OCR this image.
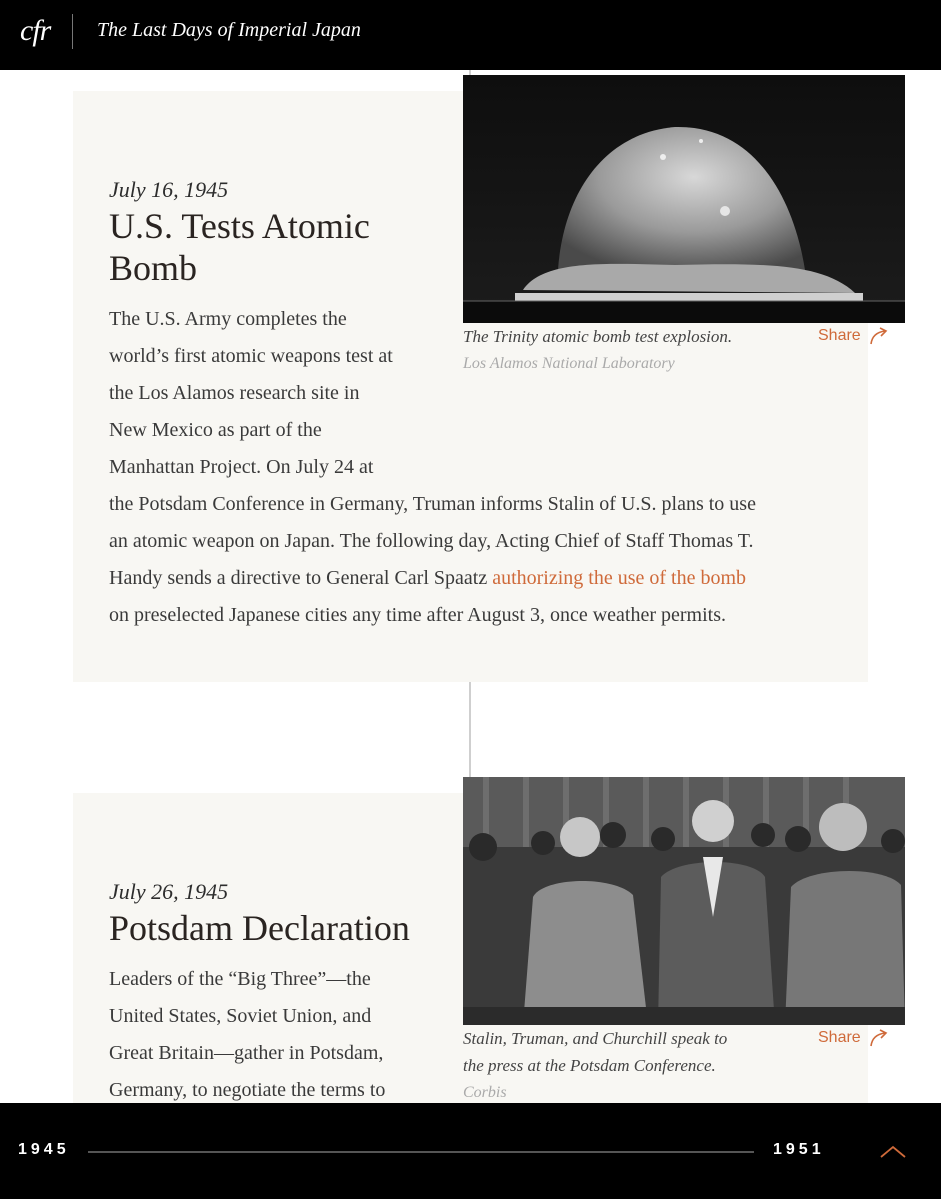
cfr The Last Days of Imperial Japan
July 16, 1945
U.S. Tests Atomic
Bomb
The U.S. Army completes the
world’s first atomic weapons test at
the Los Alamos research site in
New Mexico as part of the
Manhattan Project. On July 24 at
the Potsdam Conference in Germany, Truman informs Stalin of U.S. plans to use
an atomic weapon on Japan. The following day, Acting Chief of Staff Thomas T.
Handy sends a directive to General Carl Spaatz authorizing the use of the bomb
on preselected Japanese cities any time after August 3, once weather permits.
The Trinity atomic bomb test explosion.
Los Alamos National Laboratory
Share
July 26, 1945
Potsdam Declaration
Leaders of the “Big Three”—the
United States, Soviet Union, and
Great Britain—gather in Potsdam,
Germany, to negotiate the terms to
Stalin, Truman, and Churchill speak to
the press at the Potsdam Conference.
Corbis
Share
1945	1951
